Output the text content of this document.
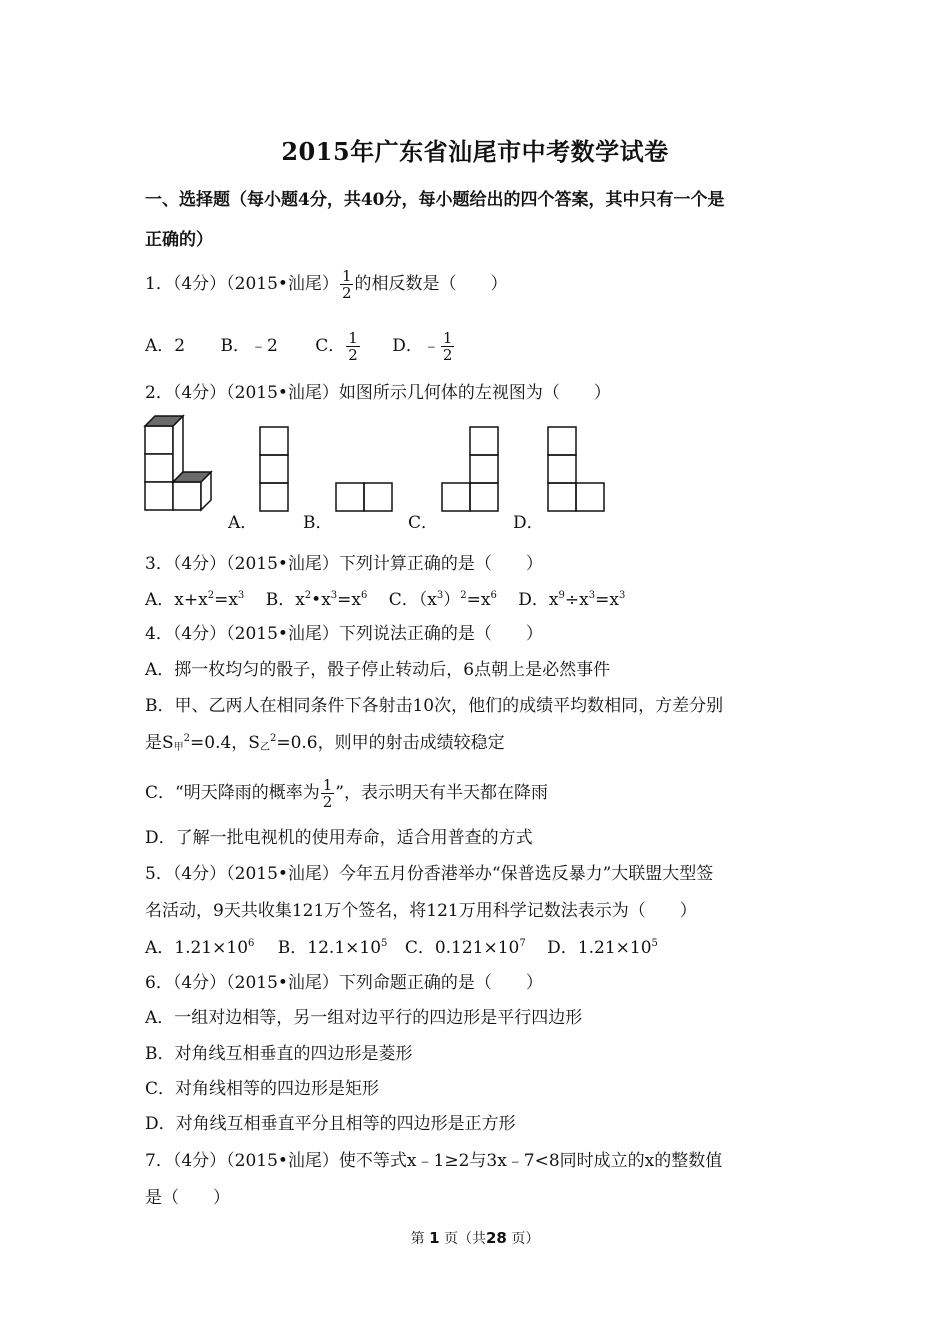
2015年广东省汕尾市中考数学试卷
一、选择题（每小题4分，共40分，每小题给出的四个答案，其中只有一个是
正确的）
1．（4分）（2015•汕尾） $\frac{1}{2}$ 的相反数是（　　）
A．2 B．﹣2 C． $\frac{1}{2}$ D．﹣ $\frac{1}{2}$
2．（4分）（2015•汕尾）如图所示几何体的左视图为（　　）
A．	B．	C．	D．
3．（4分）（2015•汕尾）下列计算正确的是（　　）
A．$x+x^2=x^3$ B．$x^2•x^3=x^6$ C．$(x^3)^2=x^6$ D．$x^9\div x^3=x^3$
4．（4分）（2015•汕尾）下列说法正确的是（　　）
A．掷一枚均匀的骰子，骰子停止转动后，6点朝上是必然事件
B．甲、乙两人在相同条件下各射击10次，他们的成绩平均数相同，方差分别
是$S_甲^2=0.4$，$S_乙^2=0.6$，则甲的射击成绩较稳定
C．“明天降雨的概率为 $\frac{1}{2}$ ”，表示明天有半天都在降雨
D．了解一批电视机的使用寿命，适合用普查的方式
5．（4分）（2015•汕尾）今年五月份香港举办“保普选反暴力”大联盟大型签
名活动，9天共收集121万个签名，将121万用科学记数法表示为（　　）
A．$1.21\times 10^6$ B．$12.1\times 10^5$ C．$0.121\times 10^7$ D．$1.21\times 10^5$
6．（4分）（2015•汕尾）下列命题正确的是（　　）
A．一组对边相等，另一组对边平行的四边形是平行四边形
B．对角线互相垂直的四边形是菱形
C．对角线相等的四边形是矩形
D．对角线互相垂直平分且相等的四边形是正方形
7．（4分）（2015•汕尾）使不等式x﹣1≥2与3x﹣7<8同时成立的x的整数值
是（　　）
第 1 页（共28 页）
